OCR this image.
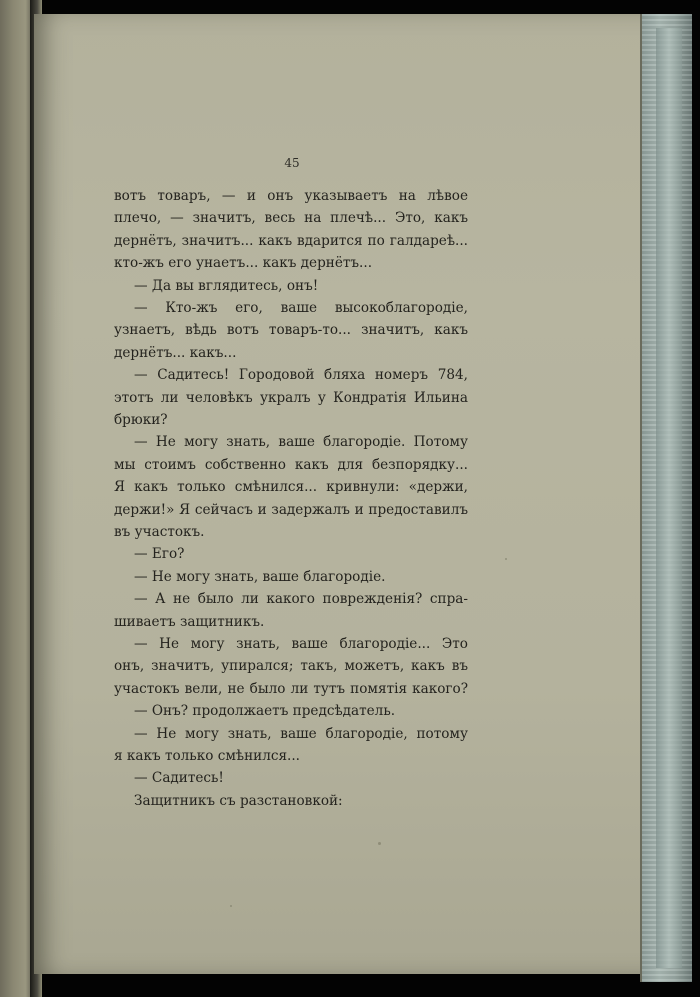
45
вотъ товаръ, — и онъ указываетъ на лѣвое
плечо, — значитъ, весь на плечѣ... Это, какъ
дернётъ, значитъ... какъ вдарится по галдареѣ...
кто-жъ его унаетъ... какъ дернётъ...
— Да вы вглядитесь, онъ!
— Кто-жъ его, ваше высокоблагородіе,
узнаетъ, вѣдь вотъ товаръ-то... значитъ, какъ
дернётъ... какъ...
— Садитесь! Городовой бляха номеръ 784,
этотъ ли человѣкъ укралъ у Кондратія Ильина
брюки?
— Не могу знать, ваше благородіе. Потому
мы стоимъ собственно какъ для безпорядку...
Я какъ только смѣнился... кривнули: «держи,
держи!» Я сейчасъ и задержалъ и предоставилъ
въ участокъ.
— Его?
— Не могу знать, ваше благородіе.
— А не было ли какого поврежденія? спра-
шиваетъ защитникъ.
— Не могу знать, ваше благородіе... Это
онъ, значитъ, упирался; такъ, можетъ, какъ въ
участокъ вели, не было ли тутъ помятія какого?
— Онъ? продолжаетъ предсѣдатель.
— Не могу знать, ваше благородіе, потому
я какъ только смѣнился...
— Садитесь!
Защитникъ съ разстановкой:
